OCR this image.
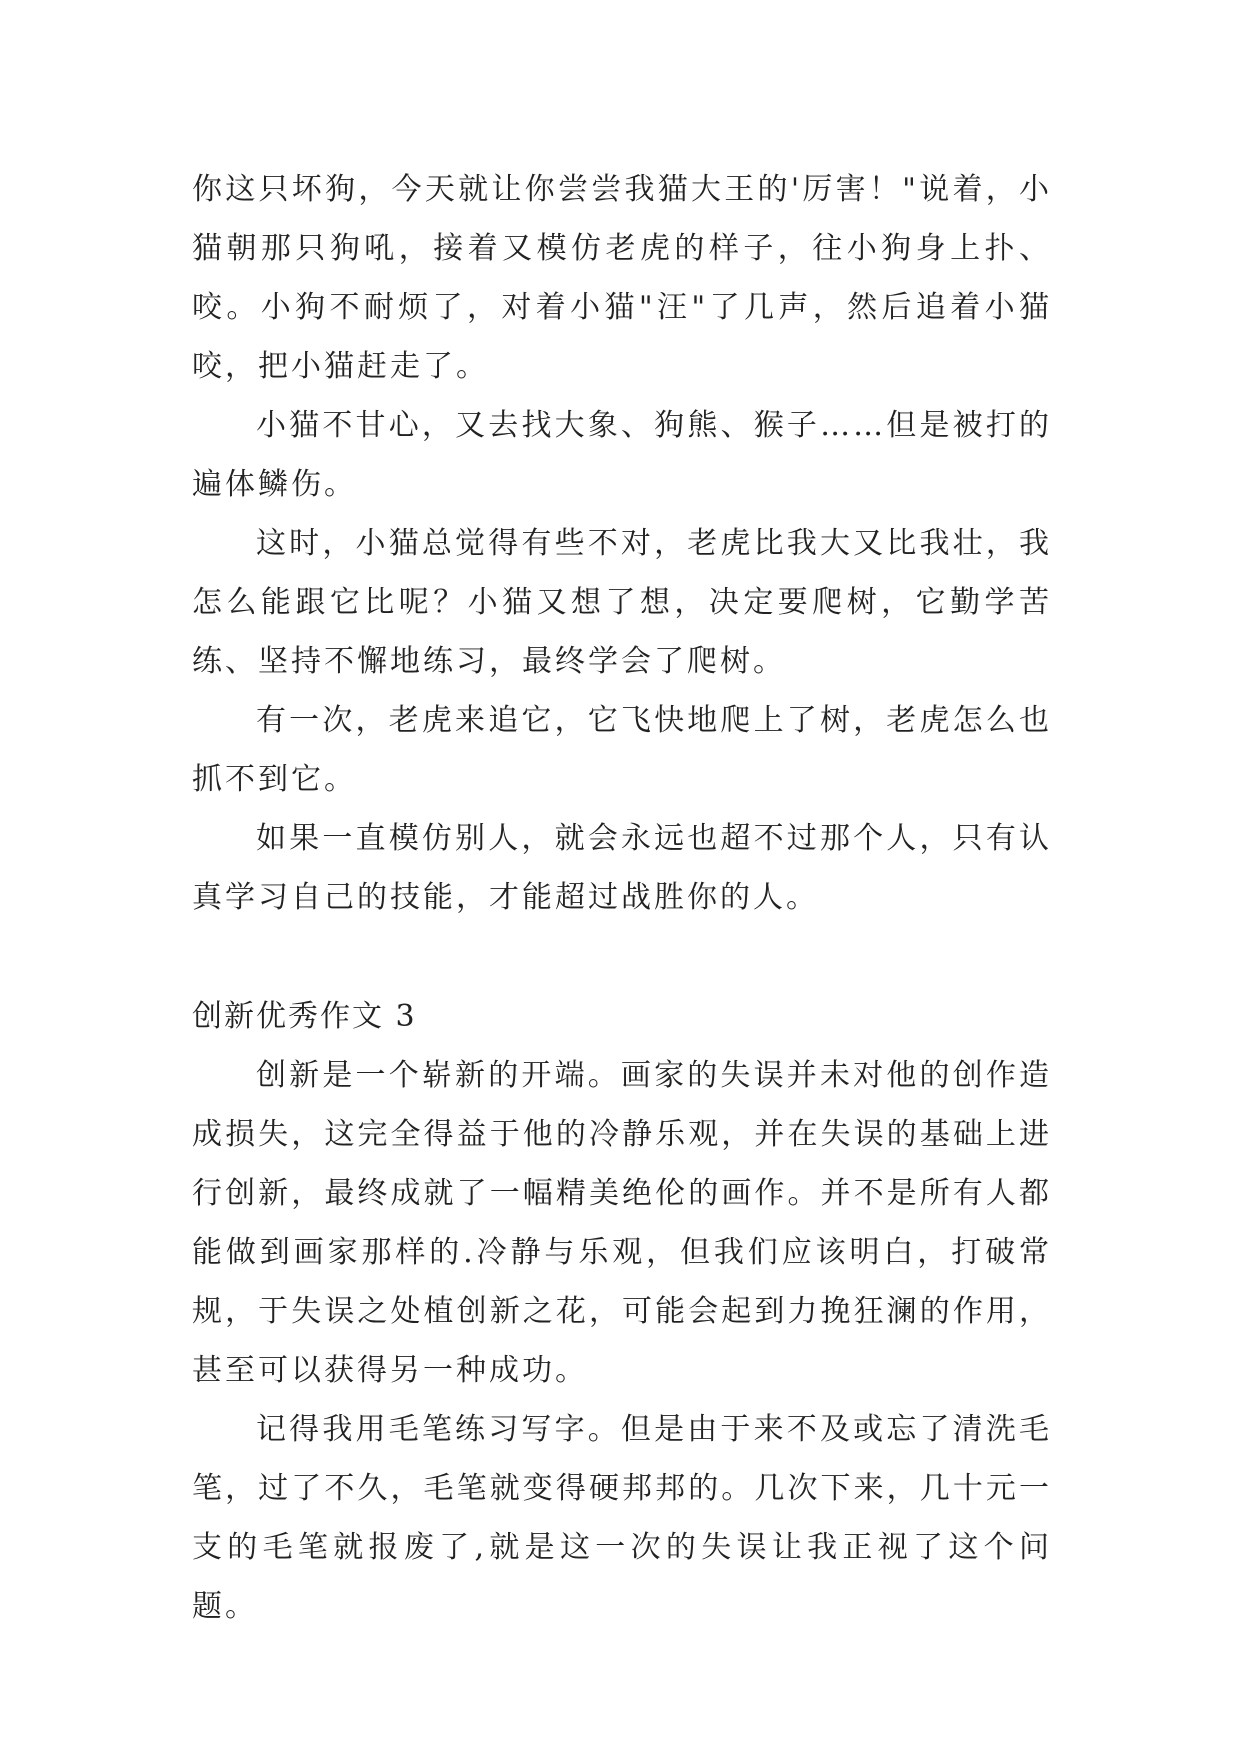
你这只坏狗，今天就让你尝尝我猫大王的'厉害！"说着，小猫朝那只狗吼，接着又模仿老虎的样子，往小狗身上扑、咬。小狗不耐烦了，对着小猫"汪"了几声，然后追着小猫咬，把小猫赶走了。

小猫不甘心，又去找大象、狗熊、猴子……但是被打的遍体鳞伤。

这时，小猫总觉得有些不对，老虎比我大又比我壮，我怎么能跟它比呢？小猫又想了想，决定要爬树，它勤学苦练、坚持不懈地练习，最终学会了爬树。

有一次，老虎来追它，它飞快地爬上了树，老虎怎么也抓不到它。

如果一直模仿别人，就会永远也超不过那个人，只有认真学习自己的技能，才能超过战胜你的人。

创新优秀作文 3

创新是一个崭新的开端。画家的失误并未对他的创作造成损失，这完全得益于他的冷静乐观，并在失误的基础上进行创新，最终成就了一幅精美绝伦的画作。并不是所有人都能做到画家那样的.冷静与乐观，但我们应该明白，打破常规，于失误之处植创新之花，可能会起到力挽狂澜的作用，甚至可以获得另一种成功。

记得我用毛笔练习写字。但是由于来不及或忘了清洗毛笔，过了不久，毛笔就变得硬邦邦的。几次下来，几十元一支的毛笔就报废了,就是这一次的失误让我正视了这个问题。
